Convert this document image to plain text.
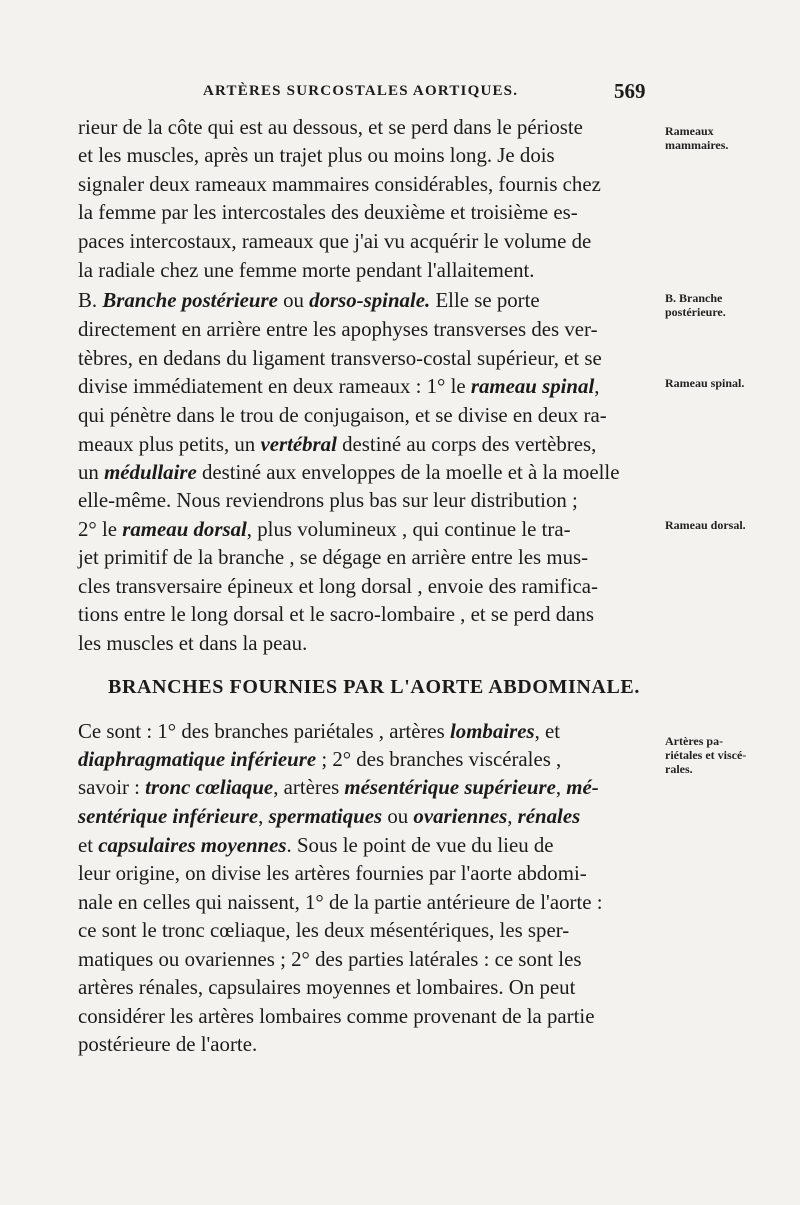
ARTÈRES SURCOSTALES AORTIQUES.	569
rieur de la côte qui est au dessous, et se perd dans le périoste
et les muscles, après un trajet plus ou moins long. Je dois
signaler deux rameaux mammaires considérables, fournis chez
la femme par les intercostales des deuxième et troisième es-
paces intercostaux, rameaux que j'ai vu acquérir le volume de
la radiale chez une femme morte pendant l'allaitement.
B. Branche postérieure ou dorso-spinale. Elle se porte
directement en arrière entre les apophyses transverses des ver-
tèbres, en dedans du ligament transverso-costal supérieur, et se
divise immédiatement en deux rameaux : 1° le rameau spinal,
qui pénètre dans le trou de conjugaison, et se divise en deux ra-
meaux plus petits, un vertébral destiné au corps des vertèbres,
un médullaire destiné aux enveloppes de la moelle et à la moelle
elle-même. Nous reviendrons plus bas sur leur distribution ;
2° le rameau dorsal, plus volumineux , qui continue le tra-
jet primitif de la branche , se dégage en arrière entre les mus-
cles transversaire épineux et long dorsal , envoie des ramifica-
tions entre le long dorsal et le sacro-lombaire , et se perd dans
les muscles et dans la peau.
BRANCHES FOURNIES PAR L'AORTE ABDOMINALE.
Ce sont : 1° des branches pariétales , artères lombaires, et
diaphragmatique inférieure ; 2° des branches viscérales ,
savoir : tronc cœliaque, artères mésentérique supérieure, mé-
sentérique inférieure, spermatiques ou ovariennes, rénales
et capsulaires moyennes. Sous le point de vue du lieu de
leur origine, on divise les artères fournies par l'aorte abdomi-
nale en celles qui naissent, 1° de la partie antérieure de l'aorte :
ce sont le tronc cœliaque, les deux mésentériques, les sper-
matiques ou ovariennes ; 2° des parties latérales : ce sont les
artères rénales, capsulaires moyennes et lombaires. On peut
considérer les artères lombaires comme provenant de la partie
postérieure de l'aorte.
Rameaux
mammaires.
B. Branche
postérieure.
Rameau spinal.
Rameau dorsal.
Artères pa-
riétales et viscé-
rales.
